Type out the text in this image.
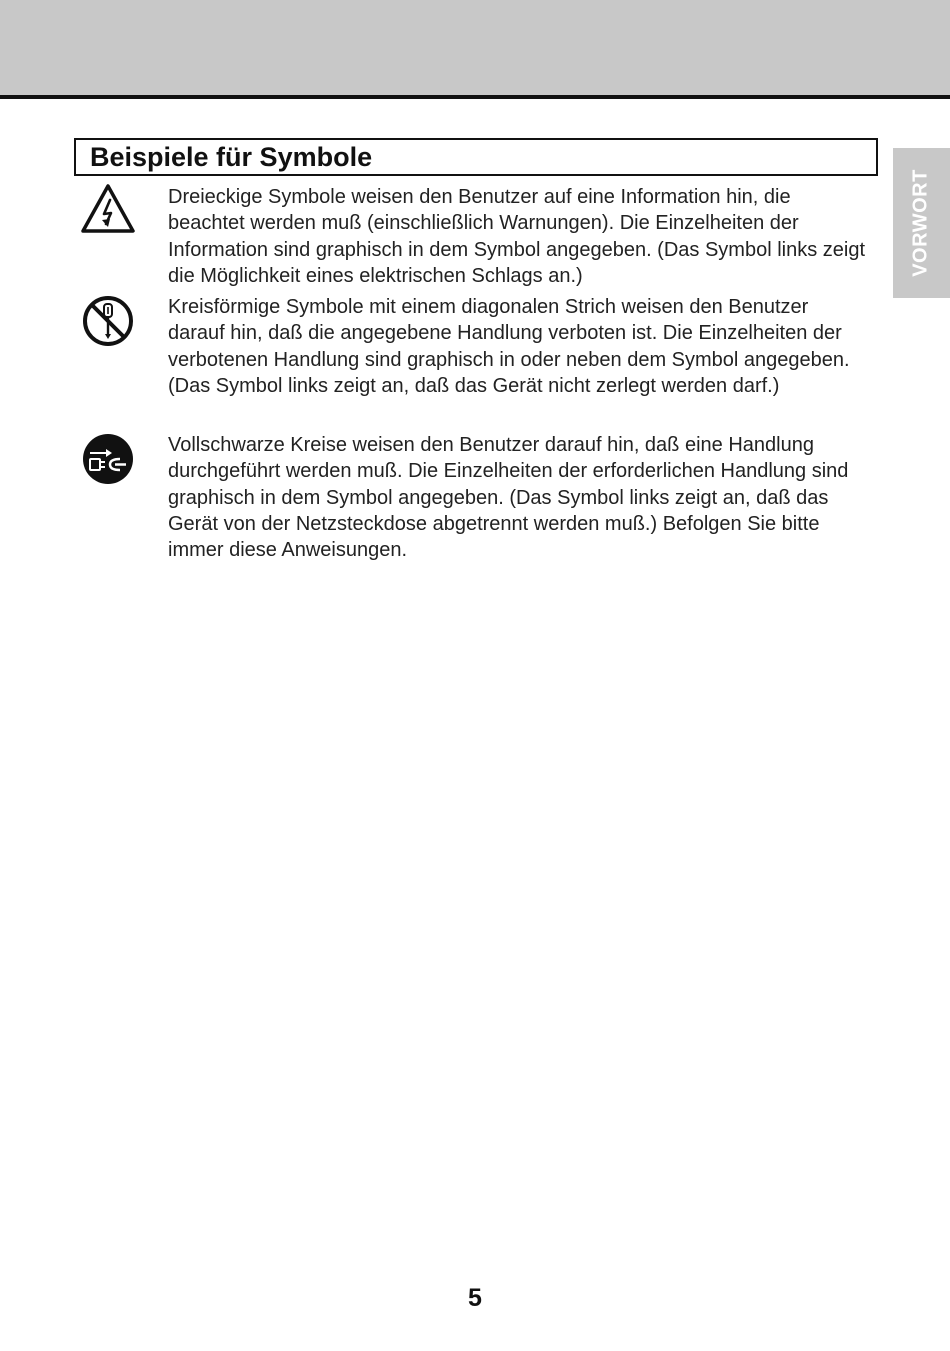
VORWORT
Beispiele für Symbole

Dreieckige Symbole weisen den Benutzer auf eine Information hin, die beachtet werden muß (einschließlich Warnungen). Die Einzelheiten der Information sind graphisch in dem Symbol angegeben. (Das Symbol links zeigt die Möglichkeit eines elektrischen Schlags an.)

Kreisförmige Symbole mit einem diagonalen Strich weisen den Benutzer darauf hin, daß die angegebene Handlung verboten ist. Die Einzelheiten der verbotenen Handlung sind graphisch in oder neben dem Symbol angegeben. (Das Symbol links zeigt an, daß das Gerät nicht zerlegt werden darf.)

Vollschwarze Kreise weisen den Benutzer darauf hin, daß eine Handlung durchgeführt werden muß. Die Einzelheiten der erforderlichen Handlung sind graphisch in dem Symbol angegeben. (Das Symbol links zeigt an, daß das Gerät von der Netzsteckdose abgetrennt werden muß.) Befolgen Sie bitte immer diese Anweisungen.

5
